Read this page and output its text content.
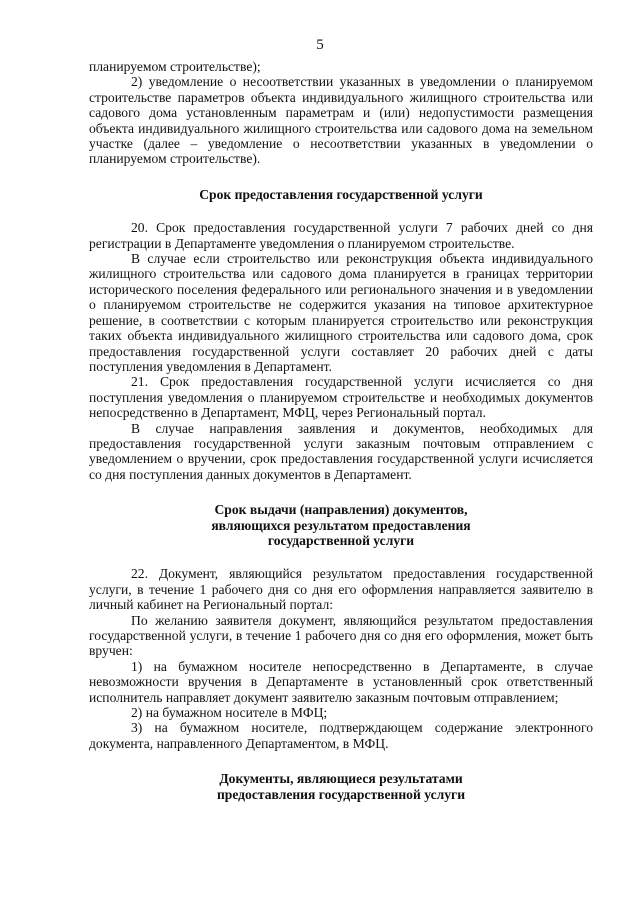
5

планируемом строительстве);

2) уведомление о несоответствии указанных в уведомлении о планируемом строительстве параметров объекта индивидуального жилищного строительства или садового дома установленным параметрам и (или) недопустимости размещения объекта индивидуального жилищного строительства или садового дома на земельном участке (далее – уведомление о несоответствии указанных в уведомлении о планируемом строительстве).

Срок предоставления государственной услуги

20. Срок предоставления государственной услуги 7 рабочих дней со дня регистрации в Департаменте уведомления о планируемом строительстве.

В случае если строительство или реконструкция объекта индивидуального жилищного строительства или садового дома планируется в границах территории исторического поселения федерального или регионального значения и в уведомлении о планируемом строительстве не содержится указания на типовое архитектурное решение, в соответствии с которым планируется строительство или реконструкция таких объекта индивидуального жилищного строительства или садового дома, срок предоставления государственной услуги составляет 20 рабочих дней с даты поступления уведомления в Департамент.

21. Срок предоставления государственной услуги исчисляется со дня поступления уведомления о планируемом строительстве и необходимых документов непосредственно в Департамент, МФЦ, через Региональный портал.

В случае направления заявления и документов, необходимых для предоставления государственной услуги заказным почтовым отправлением с уведомлением о вручении, срок предоставления государственной услуги исчисляется со дня поступления данных документов в Департамент.

Срок выдачи (направления) документов,
являющихся результатом предоставления
государственной услуги

22. Документ, являющийся результатом предоставления государственной услуги, в течение 1 рабочего дня со дня его оформления направляется заявителю в личный кабинет на Региональный портал:

По желанию заявителя документ, являющийся результатом предоставления государственной услуги, в течение 1 рабочего дня со дня его оформления, может быть вручен:

1) на бумажном носителе непосредственно в Департаменте, в случае невозможности вручения в Департаменте в установленный срок ответственный исполнитель направляет документ заявителю заказным почтовым отправлением;

2) на бумажном носителе в МФЦ;

3) на бумажном носителе, подтверждающем содержание электронного документа, направленного Департаментом, в МФЦ.

Документы, являющиеся результатами
предоставления государственной услуги
